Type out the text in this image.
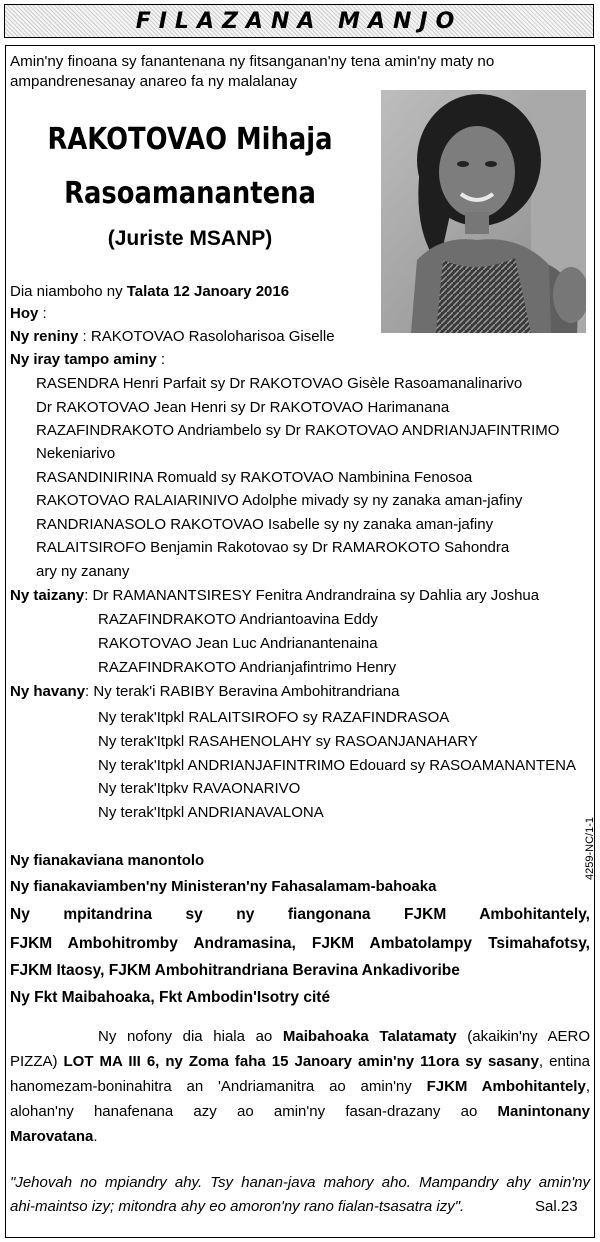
FILAZANA MANJO
Amin'ny finoana sy fanantenana ny fitsanganan'ny tena amin'ny maty no ampandrenesanay anareo fa ny malalanay
RAKOTOVAO Mihaja
Rasoamanantena
(Juriste MSANP)
Dia niamboho ny Talata 12 Janoary 2016
Hoy :
Ny reniny : RAKOTOVAO Rasoloharisoa Giselle
Ny iray tampo aminy :
RASENDRA Henri Parfait sy Dr RAKOTOVAO Gisèle Rasoamanalinarivo
Dr RAKOTOVAO Jean Henri sy Dr RAKOTOVAO Harimanana
RAZAFINDRAKOTO Andriambelo sy Dr RAKOTOVAO ANDRIANJAFINTRIMO
Nekeniarivo
RASANDINIRINA Romuald sy RAKOTOVAO Nambinina Fenosoa
RAKOTOVAO RALAIARINIVO Adolphe mivady sy ny zanaka aman-jafiny
RANDRIANASOLO RAKOTOVAO Isabelle sy ny zanaka aman-jafiny
RALAITSIROFO Benjamin Rakotovao sy Dr RAMAROKOTO Sahondra
ary ny zanany
Ny taizany: Dr RAMANANTSIRESY Fenitra Andrandraina sy Dahlia ary Joshua
RAZAFINDRAKOTO Andriantoavina Eddy
RAKOTOVAO Jean Luc Andrianantenaina
RAZAFINDRAKOTO Andrianjafintrimo Henry
Ny havany: Ny terak'i RABIBY Beravina Ambohitrandriana
Ny terak'Itpkl RALAITSIROFO sy RAZAFINDRASOA
Ny terak'Itpkl RASAHENOLAHY sy RASOANJANAHARY
Ny terak'Itpkl ANDRIANJAFINTRIMO Edouard sy RASOAMANANTENA
Ny terak'Itpkv RAVAONARIVO
Ny terak'Itpkl ANDRIANAVALONA
4259-NC/1-1
Ny fianakaviana manontolo
Ny fianakaviamben'ny Ministeran'ny Fahasalamam-bahoaka
Ny mpitandrina sy ny fiangonana FJKM Ambohitantely,
FJKM Ambohitromby Andramasina, FJKM Ambatolampy Tsimahafotsy,
FJKM Itaosy, FJKM Ambohitrandriana Beravina Ankadivoribe
Ny Fkt Maibahoaka, Fkt Ambodin'Isotry cité
Ny nofony dia hiala ao Maibahoaka Talatamaty (akaikin'ny AERO
PIZZA) LOT MA III 6, ny Zoma faha 15 Janoary amin'ny 11ora sy sasany, entina
hanomezam-boninahitra an 'Andriamanitra ao amin'ny FJKM Ambohitantely,
alohan'ny hanafenana azy ao amin'ny fasan-drazany ao Manintonany
Marovatana.
"Jehovah no mpiandry ahy. Tsy hanan-java mahory aho. Mampandry ahy amin'ny
ahi-maintso izy; mitondra ahy eo amoron'ny rano fialan-tsasatra izy".	Sal.23
